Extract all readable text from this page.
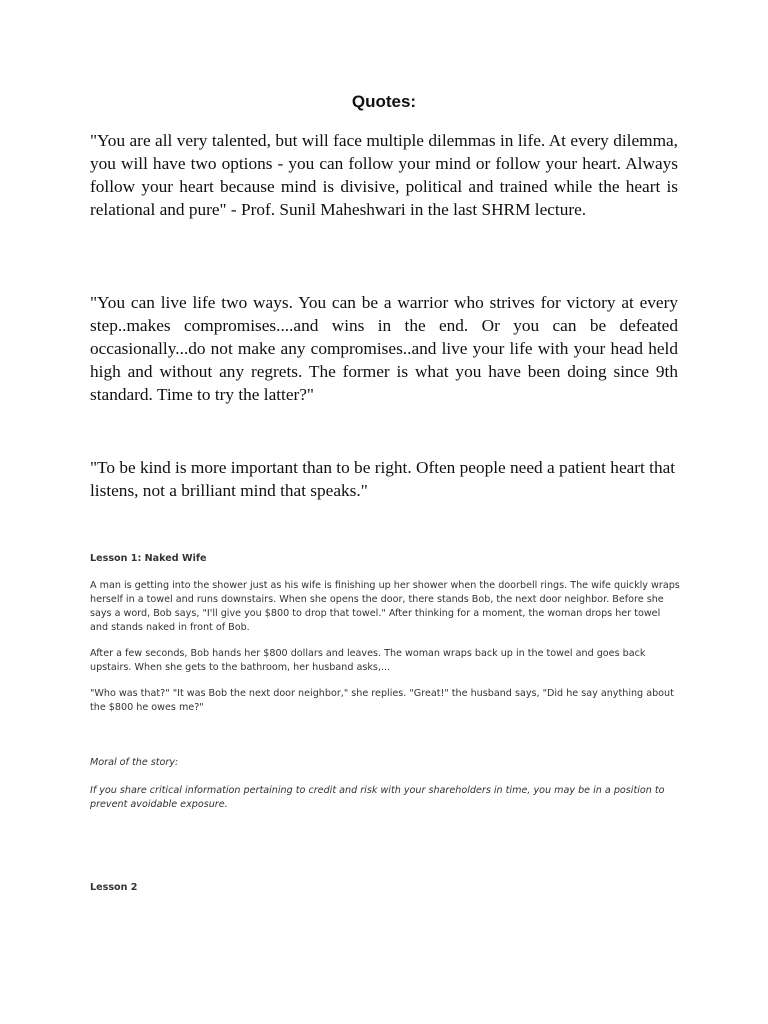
Quotes:

"You are all very talented, but will face multiple dilemmas in life. At every dilemma, you will have two options - you can follow your mind or follow your heart. Always follow your heart because mind is divisive, political and trained while the heart is relational and pure" - Prof. Sunil Maheshwari in the last SHRM lecture.

"You can live life two ways. You can be a warrior who strives for victory at every step..makes compromises....and wins in the end. Or you can be defeated occasionally...do not make any compromises..and live your life with your head held high and without any regrets. The former is what you have been doing since 9th standard. Time to try the latter?"

"To be kind is more important than to be right. Often people need a patient heart that listens, not a brilliant mind that speaks."

Lesson 1: Naked Wife

A man is getting into the shower just as his wife is finishing up her shower when the doorbell rings. The wife quickly wraps herself in a towel and runs downstairs. When she opens the door, there stands Bob, the next door neighbor. Before she says a word, Bob says, "I'll give you $800 to drop that towel." After thinking for a moment, the woman drops her towel and stands naked in front of Bob.

After a few seconds, Bob hands her $800 dollars and leaves. The woman wraps back up in the towel and goes back upstairs. When she gets to the bathroom, her husband asks,...

"Who was that?" "It was Bob the next door neighbor," she replies. "Great!" the husband says, "Did he say anything about the $800 he owes me?"

Moral of the story:

If you share critical information pertaining to credit and risk with your shareholders in time, you may be in a position to prevent avoidable exposure.

Lesson 2
